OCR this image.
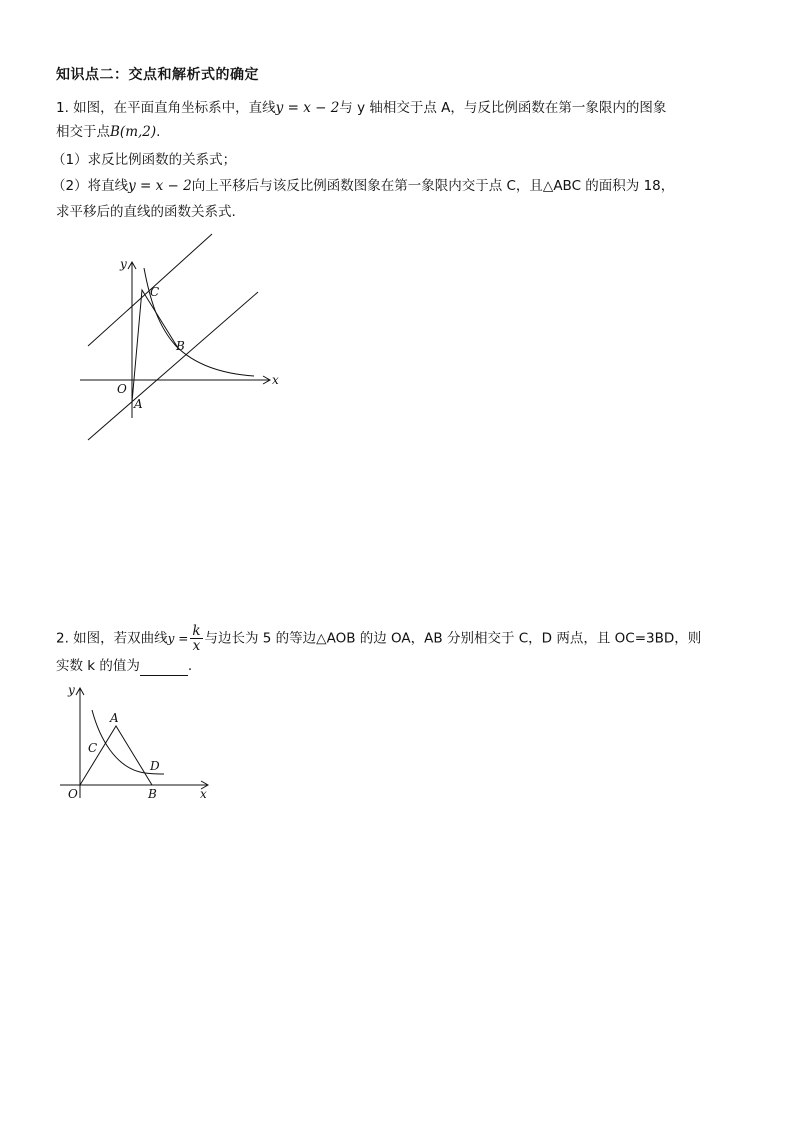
知识点二：交点和解析式的确定
1. 如图，在平面直角坐标系中，直线y = x − 2与 y 轴相交于点 A，与反比例函数在第一象限内的图象
相交于点B(m,2).
（1）求反比例函数的关系式；
（2）将直线y = x − 2向上平移后与该反比例函数图象在第一象限内交于点 C，且△ABC 的面积为 18，
求平移后的直线的函数关系式.
y
x
O
A
B
C
2. 如图，若双曲线$y = \frac{k}{x}$ 与边长为 5 的等边△AOB 的边 OA，AB 分别相交于 C，D 两点，且 OC=3BD，则
实数 k 的值为	.
y
x
O
A
B
C
D
